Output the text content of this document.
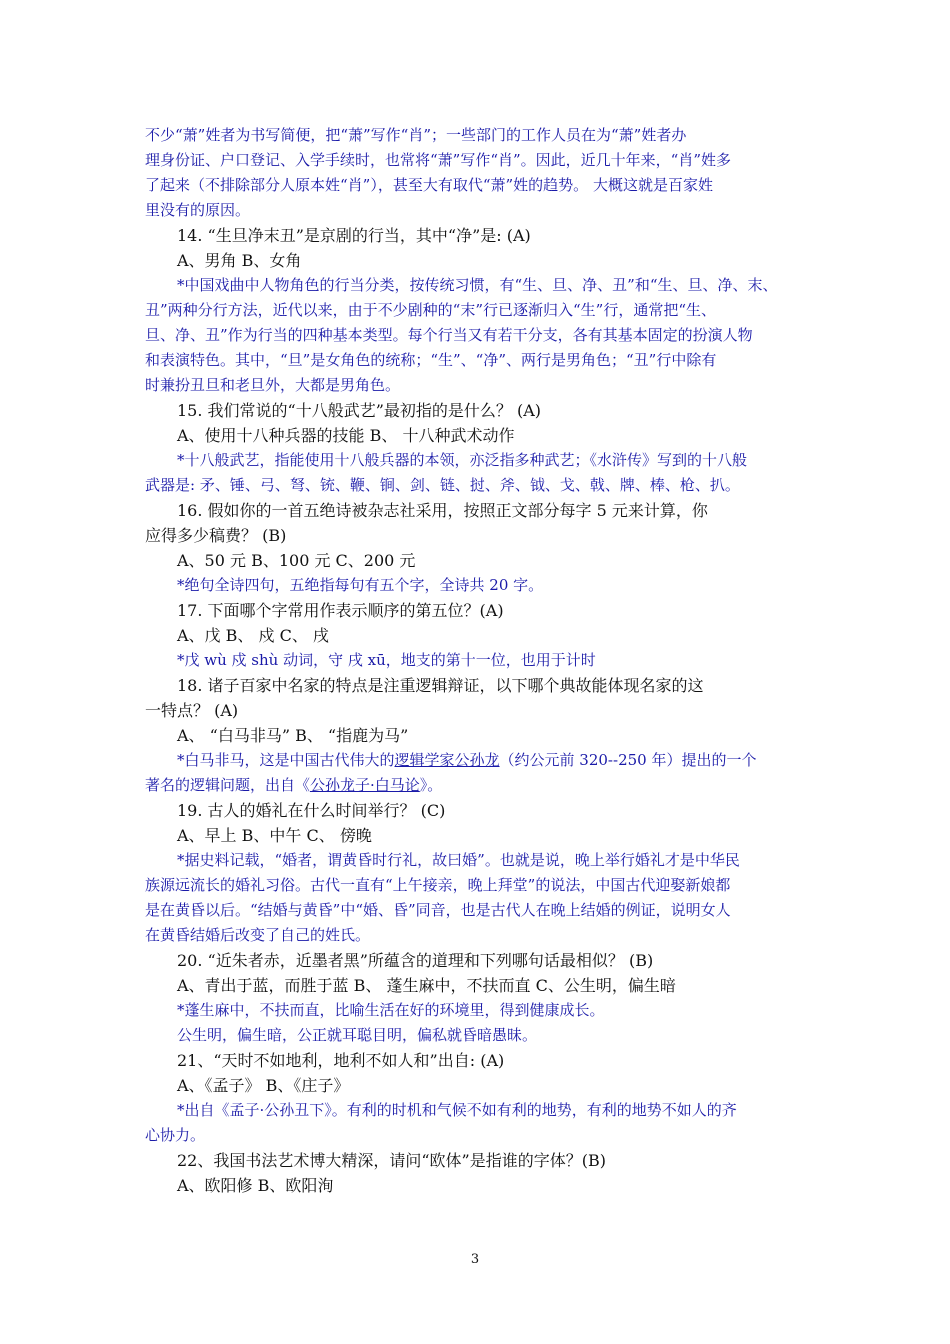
不少“萧”姓者为书写简便，把“萧”写作“肖”；一些部门的工作人员在为“萧”姓者办
理身份证、户口登记、入学手续时，也常将“萧”写作“肖”。因此，近几十年来，“肖”姓多
了起来（不排除部分人原本姓“肖”），甚至大有取代“萧”姓的趋势。 大概这就是百家姓
里没有的原因。
14. “生旦净末丑”是京剧的行当，其中“净”是: (A)
A、男角 B、女角
*中国戏曲中人物角色的行当分类，按传统习惯，有“生、旦、净、丑”和“生、旦、净、末、
丑”两种分行方法，近代以来，由于不少剧种的“末”行已逐渐归入“生”行，通常把“生、
旦、净、丑”作为行当的四种基本类型。每个行当又有若干分支，各有其基本固定的扮演人物
和表演特色。其中，“旦”是女角色的统称；“生”、“净”、两行是男角色；“丑”行中除有
时兼扮丑旦和老旦外，大都是男角色。
15. 我们常说的“十八般武艺”最初指的是什么？ (A)
A、使用十八种兵器的技能 B、 十八种武术动作
*十八般武艺，指能使用十八般兵器的本领，亦泛指多种武艺；《水浒传》写到的十八般
武器是: 矛、锤、弓、弩、铳、鞭、锏、剑、链、挝、斧、钺、戈、戟、牌、棒、枪、扒。
16. 假如你的一首五绝诗被杂志社采用，按照正文部分每字 5 元来计算，你
应得多少稿费？ (B)
A、50 元 B、100 元 C、200 元
*绝句全诗四句，五绝指每句有五个字，全诗共 20 字。
17. 下面哪个字常用作表示顺序的第五位？(A)
A、戊 B、 戍 C、 戌
*戊 wù 戍 shù 动词，守 戌 xū，地支的第十一位，也用于计时
18. 诸子百家中名家的特点是注重逻辑辩证，以下哪个典故能体现名家的这
一特点？ (A)
A、 “白马非马” B、 “指鹿为马”
*白马非马，这是中国古代伟大的逻辑学家公孙龙（约公元前 320--250 年）提出的一个
著名的逻辑问题，出自《公孙龙子·白马论》。
19. 古人的婚礼在什么时间举行？ (C)
A、早上 B、中午 C、 傍晚
*据史料记载，“婚者，谓黄昏时行礼，故曰婚”。也就是说，晚上举行婚礼才是中华民
族源远流长的婚礼习俗。古代一直有“上午接亲，晚上拜堂”的说法，中国古代迎娶新娘都
是在黄昏以后。“结婚与黄昏”中“婚、昏”同音，也是古代人在晚上结婚的例证，说明女人
在黄昏结婚后改变了自己的姓氏。
20. “近朱者赤，近墨者黑”所蕴含的道理和下列哪句话最相似？ (B)
A、青出于蓝，而胜于蓝 B、 蓬生麻中，不扶而直 C、公生明，偏生暗
*蓬生麻中，不扶而直，比喻生活在好的环境里，得到健康成长。
公生明，偏生暗，公正就耳聪目明，偏私就昏暗愚昧。
21、“天时不如地利，地利不如人和”出自: (A)
A、《孟子》 B、《庄子》
*出自《孟子·公孙丑下》。有利的时机和气候不如有利的地势，有利的地势不如人的齐
心协力。
22、我国书法艺术博大精深，请问“欧体”是指谁的字体？(B)
A、欧阳修 B、欧阳洵
3
